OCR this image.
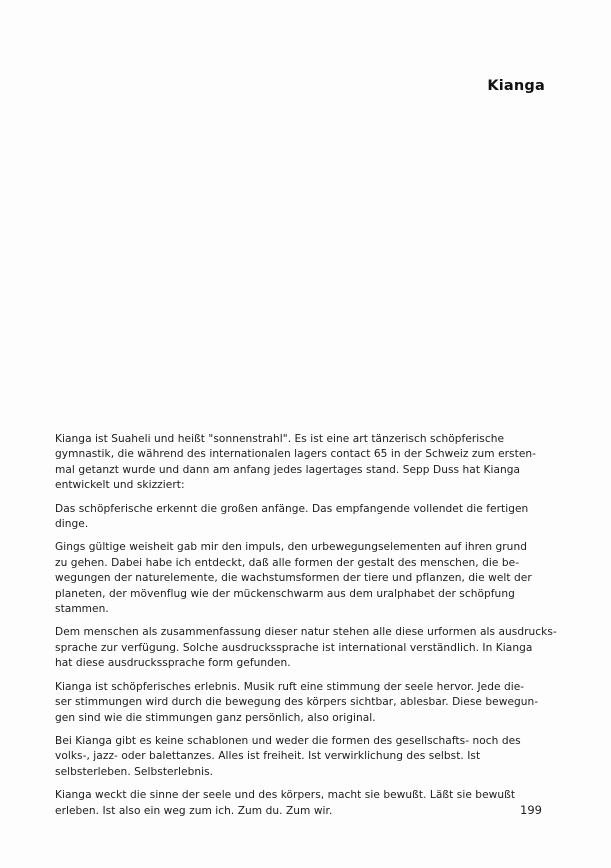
Kianga

Kianga ist Suaheli und heißt "sonnenstrahl". Es ist eine art tänzerisch schöpferische
gymnastik, die während des internationalen lagers contact 65 in der Schweiz zum ersten-
mal getanzt wurde und dann am anfang jedes lagertages stand. Sepp Duss hat Kianga
entwickelt und skizziert:

Das schöpferische erkennt die großen anfänge. Das empfangende vollendet die fertigen
dinge.

Gings gültige weisheit gab mir den impuls, den urbewegungselementen auf ihren grund
zu gehen. Dabei habe ich entdeckt, daß alle formen der gestalt des menschen, die be-
wegungen der naturelemente, die wachstumsformen der tiere und pflanzen, die welt der
planeten, der mövenflug wie der mückenschwarm aus dem uralphabet der schöpfung
stammen.

Dem menschen als zusammenfassung dieser natur stehen alle diese urformen als ausdrucks-
sprache zur verfügung. Solche ausdruckssprache ist international verständlich. In Kianga
hat diese ausdruckssprache form gefunden.

Kianga ist schöpferisches erlebnis. Musik ruft eine stimmung der seele hervor. Jede die-
ser stimmungen wird durch die bewegung des körpers sichtbar, ablesbar. Diese bewegun-
gen sind wie die stimmungen ganz persönlich, also original.

Bei Kianga gibt es keine schablonen und weder die formen des gesellschafts- noch des
volks-, jazz- oder balettanzes. Alles ist freiheit. Ist verwirklichung des selbst. Ist
selbsterleben. Selbsterlebnis.

Kianga weckt die sinne der seele und des körpers, macht sie bewußt. Läßt sie bewußt
erleben. Ist also ein weg zum ich. Zum du. Zum wir.	199
